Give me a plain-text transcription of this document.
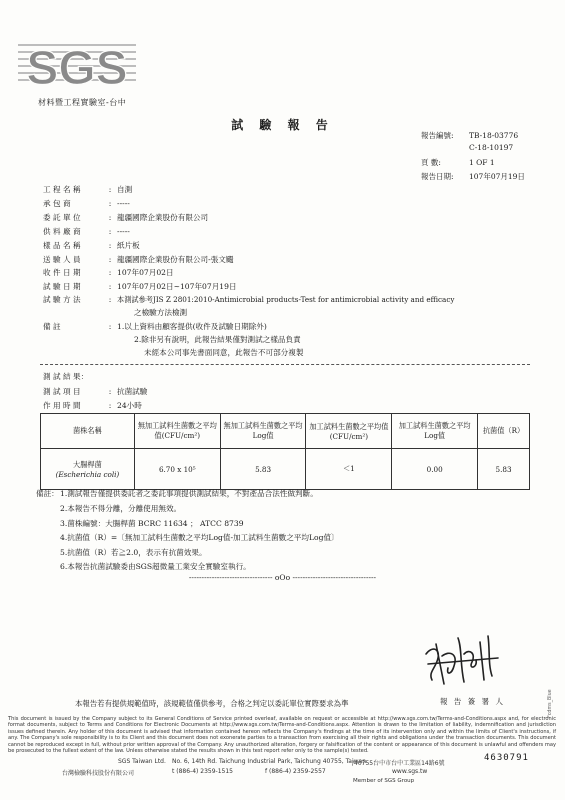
SGS
材料暨工程實驗室-台中
試 驗 報 告
報告編號: TB-18-03776
C-18-10197
頁 數:	1 OF 1
報告日期: 107年07月19日
工 程 名 稱	: 自測
承 包 商	: -----
委 託 單 位	: 龍疆國際企業股份有限公司
供 料 廠 商	: -----
樣 品 名 稱	: 紙片板
送 驗 人 員	: 龍疆國際企業股份有限公司-張文颺
收 件 日 期	: 107年07月02日
試 驗 日 期	: 107年07月02日~107年07月19日
試 驗 方 法	: 本測試參考JIS Z 2801:2010-Antimicrobial products-Test for antimicrobial activity and efficacy
之檢驗方法檢測
備 註	: 1.以上資料由顧客提供(收件及試驗日期除外)
2.除非另有說明，此報告結果僅對測試之樣品負責
未經本公司事先書面同意，此報告不可部分複製
測 試 結 果：
測 試 項 目	: 抗菌試驗
作 用 時 間	: 24小時
菌株名稱	無加工試料生菌數之平均值(CFU/cm²)	無加工試料生菌數之平均Log值	加工試料生菌數之平均值(CFU/cm²)	加工試料生菌數之平均Log值	抗菌值（R）

大腸桿菌
(Escherichia coli)	6.70 x 10⁵	5.83	＜1	0.00	5.83
備註： 1.測試報告僅提供委託者之委託事項提供測試結果，不對產品合法性做判斷。
2.本報告不得分離，分離使用無效。
3.菌株編號：大腸桿菌 BCRC 11634 ； ATCC 8739
4.抗菌值（R）=〔無加工試料生菌數之平均Log值-加工試料生菌數之平均Log值〕
5.抗菌值（R）若≧2.0，表示有抗菌效果。
6.本報告抗菌試驗委由SGS超微量工業安全實驗室執行。
--------------------------------- oOo ---------------------------------
報 告 簽 署 人
本報告若有提供規範值時，該規範值僅供參考，合格之判定以委託單位實際要求為準
This document is issued by the Company subject to its General Conditions of Service printed overleaf, available on request or accessible at http://www.sgs.com.tw/Terms-and-Conditions.aspx and, for electronic format documents, subject to Terms and Conditions for Electronic Documents at http://www.sgs.com.tw/Terms-and-Conditions.aspx. Attention is drawn to the limitation of liability, indemnification and jurisdiction issues defined therein. Any holder of this document is advised that information contained hereon reflects the Company's findings at the time of its intervention only and within the limits of Client's instructions, if any. The Company's sole responsibility is to its Client and this document does not exonerate parties to a transaction from exercising all their rights and obligations under the transaction documents. This document cannot be reproduced except in full, without prior written approval of the Company. Any unauthorized alteration, forgery or falsification of the content or appearance of this document is unlawful and offenders may be prosecuted to the fullest extent of the law. Unless otherwise stated the results shown in this test report refer only to the sample(s) tested.
SGS Taiwan Ltd. No. 6, 14th Rd. Taichung Industrial Park, Taichung 40755, Taiwan
/40755台中市台中工業區14路6號
台灣檢驗科技股份有限公司	t (886-4) 2359-1515	f (886-4) 2359-2557	www.sgs.tw
Member of SGS Group
4630791
Fcdms_Blue
